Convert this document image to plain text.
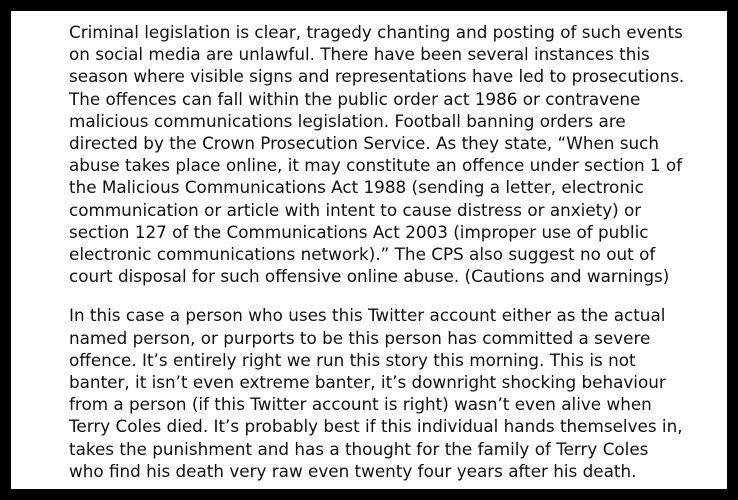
Criminal legislation is clear, tragedy chanting and posting of such events
on social media are unlawful. There have been several instances this
season where visible signs and representations have led to prosecutions.
The offences can fall within the public order act 1986 or contravene
malicious communications legislation. Football banning orders are
directed by the Crown Prosecution Service. As they state, “When such
abuse takes place online, it may constitute an offence under section 1 of
the Malicious Communications Act 1988 (sending a letter, electronic
communication or article with intent to cause distress or anxiety) or
section 127 of the Communications Act 2003 (improper use of public
electronic communications network).” The CPS also suggest no out of
court disposal for such offensive online abuse. (Cautions and warnings)

In this case a person who uses this Twitter account either as the actual
named person, or purports to be this person has committed a severe
offence. It’s entirely right we run this story this morning. This is not
banter, it isn’t even extreme banter, it’s downright shocking behaviour
from a person (if this Twitter account is right) wasn’t even alive when
Terry Coles died. It’s probably best if this individual hands themselves in,
takes the punishment and has a thought for the family of Terry Coles
who find his death very raw even twenty four years after his death.
